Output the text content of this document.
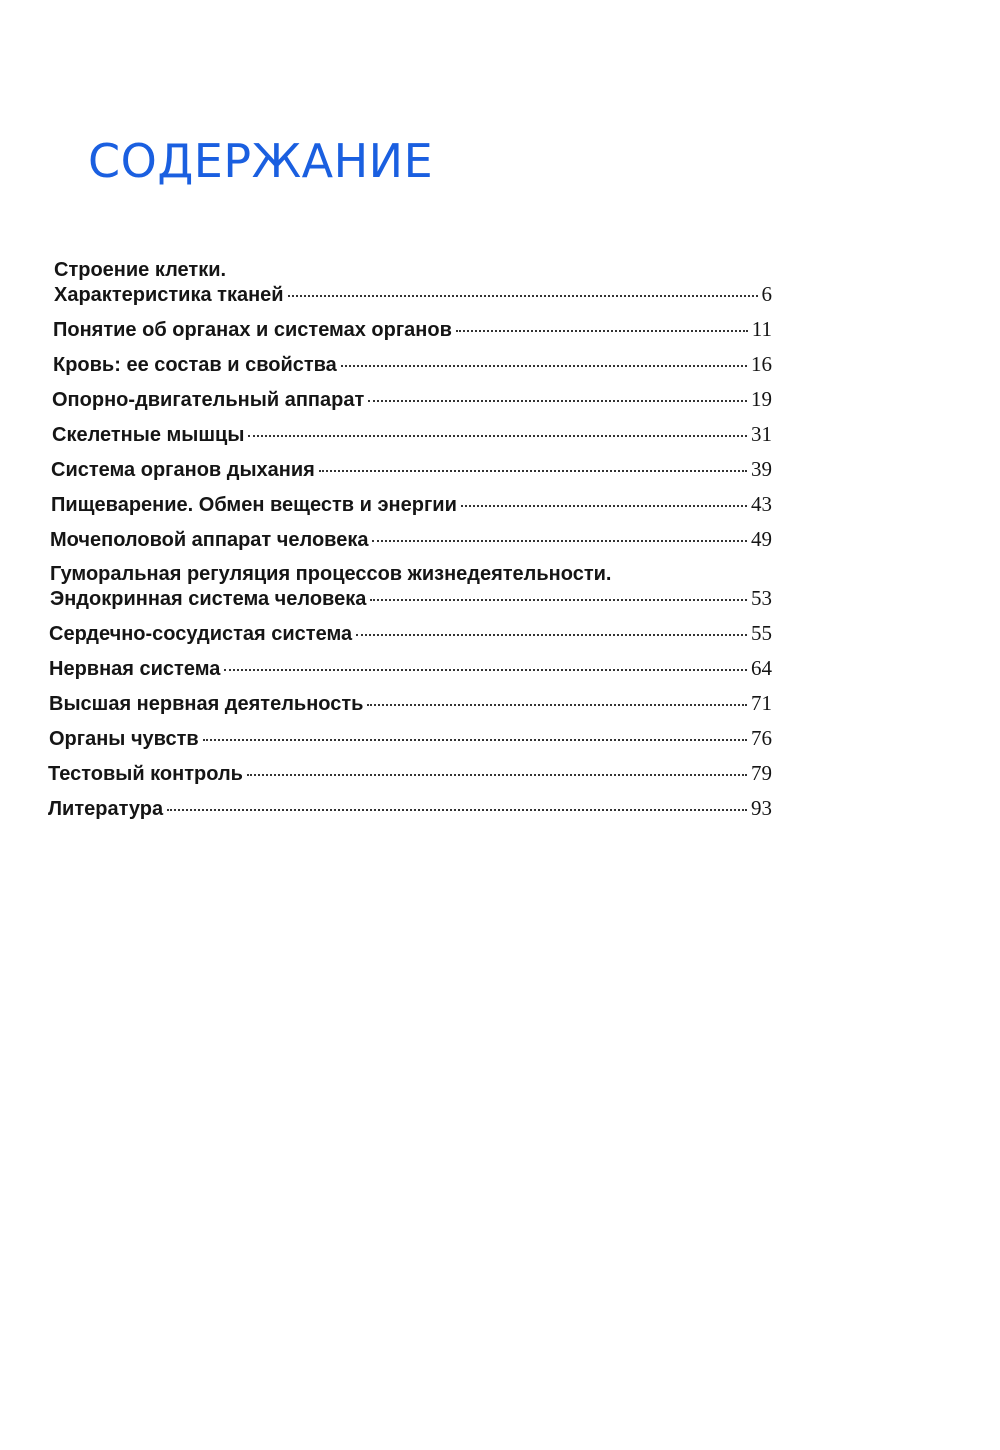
СОДЕРЖАНИЕ
Строение клетки.
Характеристика тканей	6
Понятие об органах и системах органов	11
Кровь: ее состав и свойства	16
Опорно-двигательный аппарат	19
Скелетные мышцы	31
Система органов дыхания	39
Пищеварение. Обмен веществ и энергии	43
Мочеполовой аппарат человека	49
Гуморальная регуляция процессов жизнедеятельности.
Эндокринная система человека	53
Сердечно-сосудистая система	55
Нервная система	64
Высшая нервная деятельность	71
Органы чувств	76
Тестовый контроль	79
Литература	93
